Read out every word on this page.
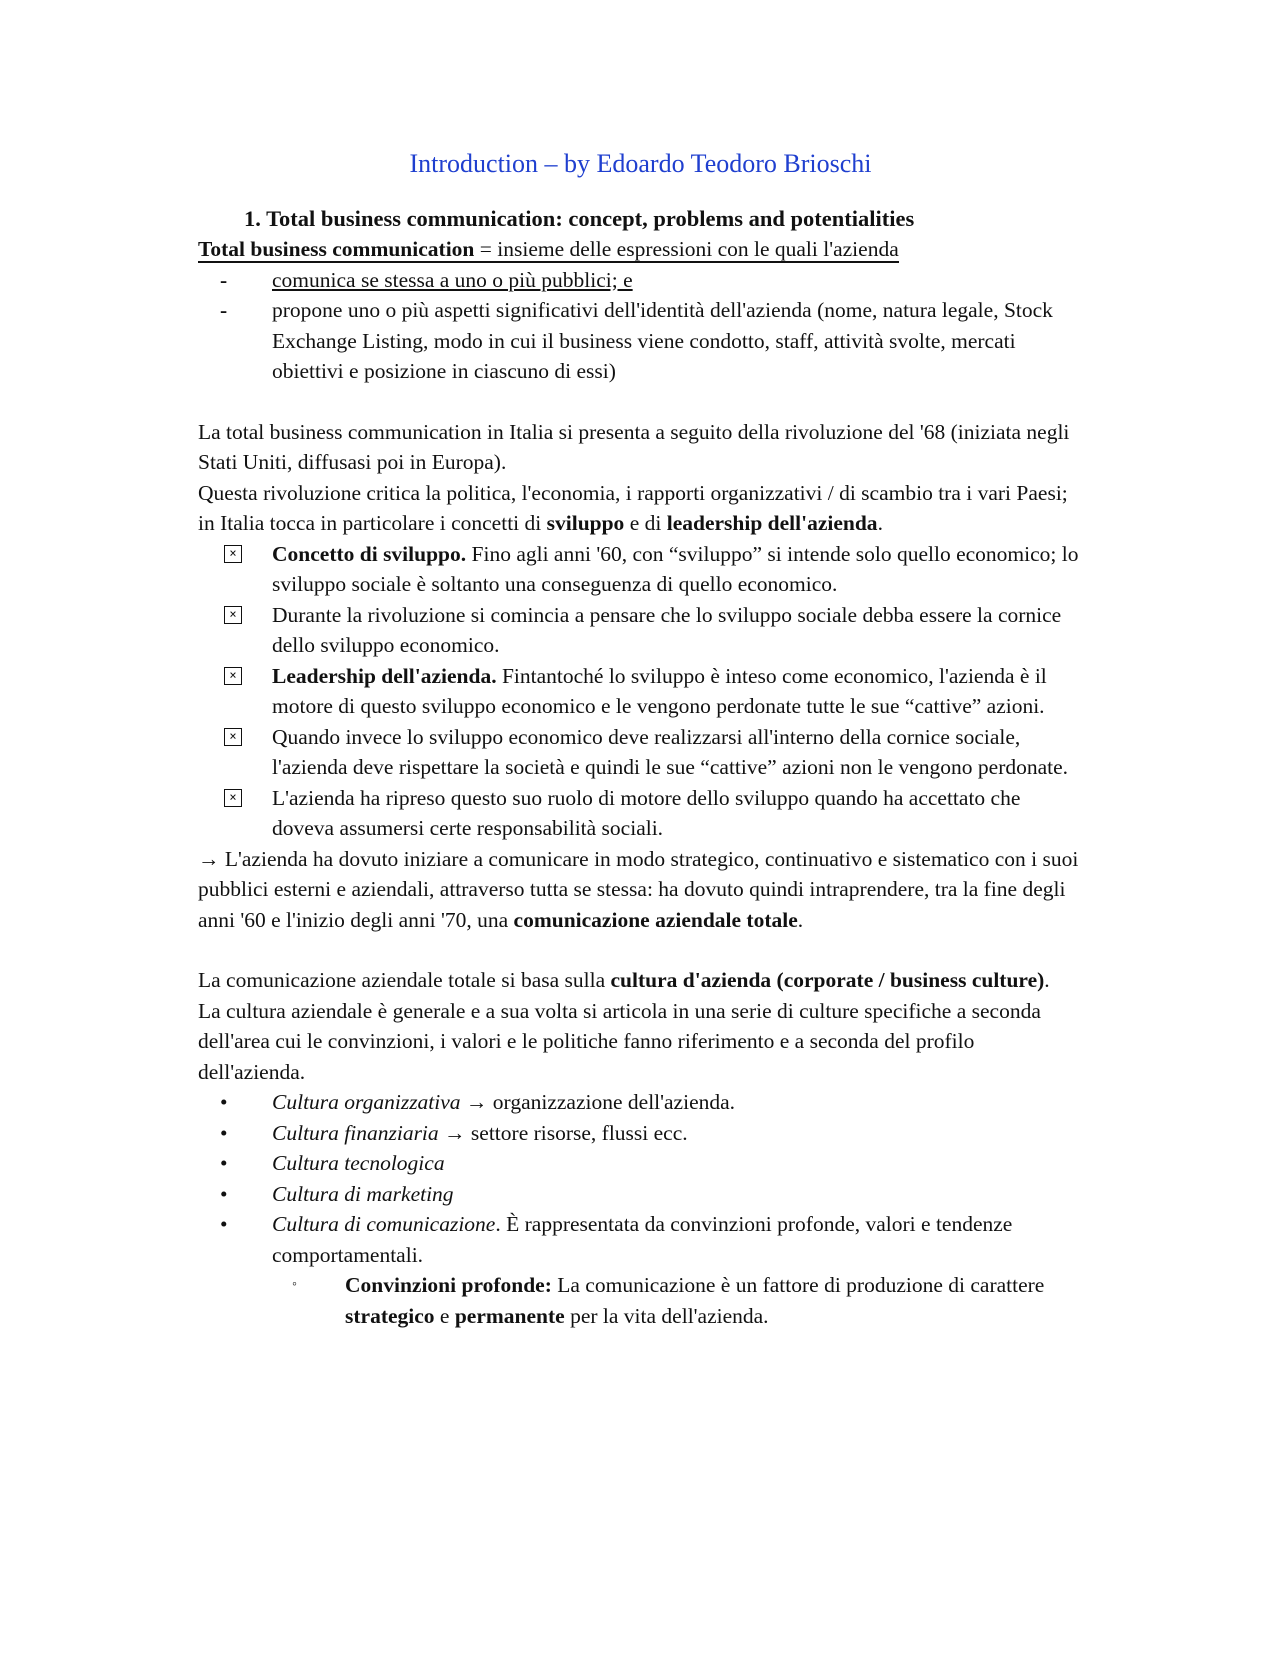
Introduction – by Edoardo Teodoro Brioschi
1. Total business communication: concept, problems and potentialities

Total business communication = insieme delle espressioni con le quali l'azienda

-	comunica se stessa a uno o più pubblici; e
-	propone uno o più aspetti significativi dell'identità dell'azienda (nome, natura legale, Stock Exchange Listing, modo in cui il business viene condotto, staff, attività svolte, mercati obiettivi e posizione in ciascuno di essi)

La total business communication in Italia si presenta a seguito della rivoluzione del '68 (iniziata negli Stati Uniti, diffusasi poi in Europa).

Questa rivoluzione critica la politica, l'economia, i rapporti organizzativi / di scambio tra i vari Paesi; in Italia tocca in particolare i concetti di sviluppo e di leadership dell'azienda.

× Concetto di sviluppo. Fino agli anni '60, con “sviluppo” si intende solo quello economico; lo sviluppo sociale è soltanto una conseguenza di quello economico.
× Durante la rivoluzione si comincia a pensare che lo sviluppo sociale debba essere la cornice dello sviluppo economico.
× Leadership dell'azienda. Fintantoché lo sviluppo è inteso come economico, l'azienda è il motore di questo sviluppo economico e le vengono perdonate tutte le sue “cattive” azioni.
× Quando invece lo sviluppo economico deve realizzarsi all'interno della cornice sociale, l'azienda deve rispettare la società e quindi le sue “cattive” azioni non le vengono perdonate.
× L'azienda ha ripreso questo suo ruolo di motore dello sviluppo quando ha accettato che doveva assumersi certe responsabilità sociali.

→ L'azienda ha dovuto iniziare a comunicare in modo strategico, continuativo e sistematico con i suoi pubblici esterni e aziendali, attraverso tutta se stessa: ha dovuto quindi intraprendere, tra la fine degli anni '60 e l'inizio degli anni '70, una comunicazione aziendale totale.

La comunicazione aziendale totale si basa sulla cultura d'azienda (corporate / business culture).

La cultura aziendale è generale e a sua volta si articola in una serie di culture specifiche a seconda dell'area cui le convinzioni, i valori e le politiche fanno riferimento e a seconda del profilo dell'azienda.

•	Cultura organizzativa → organizzazione dell'azienda.
•	Cultura finanziaria → settore risorse, flussi ecc.
•	Cultura tecnologica
•	Cultura di marketing
•	Cultura di comunicazione. È rappresentata da convinzioni profonde, valori e tendenze comportamentali.
◦ Convinzioni profonde: La comunicazione è un fattore di produzione di carattere strategico e permanente per la vita dell'azienda.
